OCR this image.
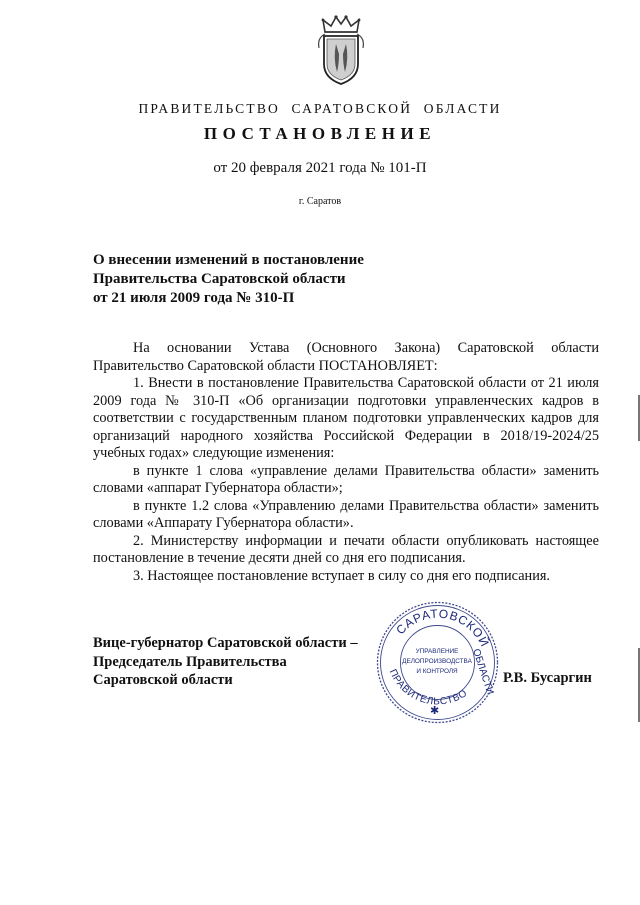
ПРАВИТЕЛЬСТВО САРАТОВСКОЙ ОБЛАСТИ
ПОСТАНОВЛЕНИЕ
от 20 февраля 2021 года № 101-П
г. Саратов
О внесении изменений в постановление
Правительства Саратовской области
от 21 июля 2009 года № 310-П

На основании Устава (Основного Закона) Саратовской области Правительство Саратовской области ПОСТАНОВЛЯЕТ:

1. Внести в постановление Правительства Саратовской области от 21 июля 2009 года № 310-П «Об организации подготовки управленческих кадров в соответствии с государственным планом подготовки управленческих кадров для организаций народного хозяйства Российской Федерации в 2018/19-2024/25 учебных годах» следующие изменения:

в пункте 1 слова «управление делами Правительства области» заменить словами «аппарат Губернатора области»;

в пункте 1.2 слова «Управлению делами Правительства области» заменить словами «Аппарату Губернатора области».

2. Министерству информации и печати области опубликовать настоящее постановление в течение десяти дней со дня его подписания.

3. Настоящее постановление вступает в силу со дня его подписания.

Вице-губернатор Саратовской области –
Председатель Правительства
Саратовской области
САРАТОВСКОЙ
ПРАВИТЕЛЬСТВО ОБЛАСТИ
УПРАВЛЕНИЕ
ДЕЛОПРОИЗВОДСТВА
И КОНТРОЛЯ
✱
Р.В. Бусаргин
